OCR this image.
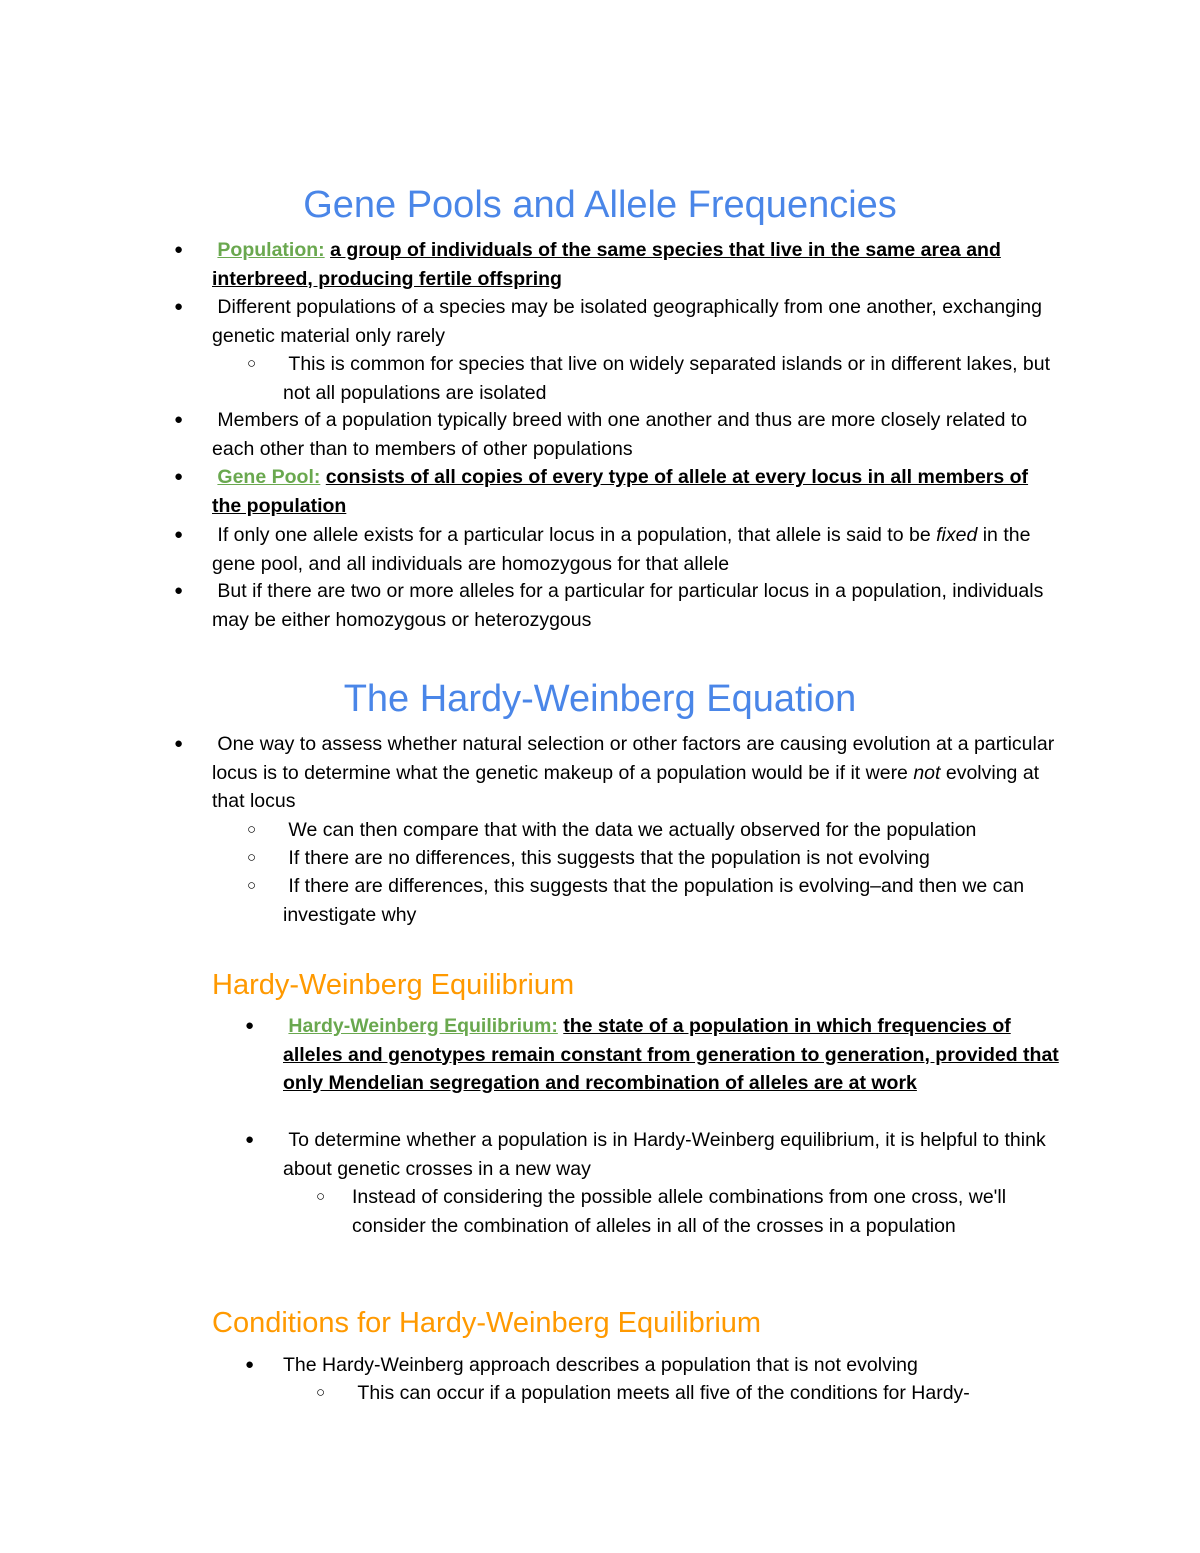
Gene Pools and Allele Frequencies

● Population: a group of individuals of the same species that live in the same area and interbreed, producing fertile offspring

● Different populations of a species may be isolated geographically from one another, exchanging genetic material only rarely

○ This is common for species that live on widely separated islands or in different lakes, but not all populations are isolated

● Members of a population typically breed with one another and thus are more closely related to each other than to members of other populations

● Gene Pool: consists of all copies of every type of allele at every locus in all members of the population

● If only one allele exists for a particular locus in a population, that allele is said to be fixed in the gene pool, and all individuals are homozygous for that allele

● But if there are two or more alleles for a particular for particular locus in a population, individuals may be either homozygous or heterozygous

The Hardy-Weinberg Equation

● One way to assess whether natural selection or other factors are causing evolution at a particular locus is to determine what the genetic makeup of a population would be if it were not evolving at that locus

○ We can then compare that with the data we actually observed for the population

○ If there are no differences, this suggests that the population is not evolving

○ If there are differences, this suggests that the population is evolving–and then we can investigate why

Hardy-Weinberg Equilibrium

● Hardy-Weinberg Equilibrium: the state of a population in which frequencies of alleles and genotypes remain constant from generation to generation, provided that only Mendelian segregation and recombination of alleles are at work

● To determine whether a population is in Hardy-Weinberg equilibrium, it is helpful to think about genetic crosses in a new way

○ Instead of considering the possible allele combinations from one cross, we'll consider the combination of alleles in all of the crosses in a population

Conditions for Hardy-Weinberg Equilibrium

● The Hardy-Weinberg approach describes a population that is not evolving

○ This can occur if a population meets all five of the conditions for Hardy-
